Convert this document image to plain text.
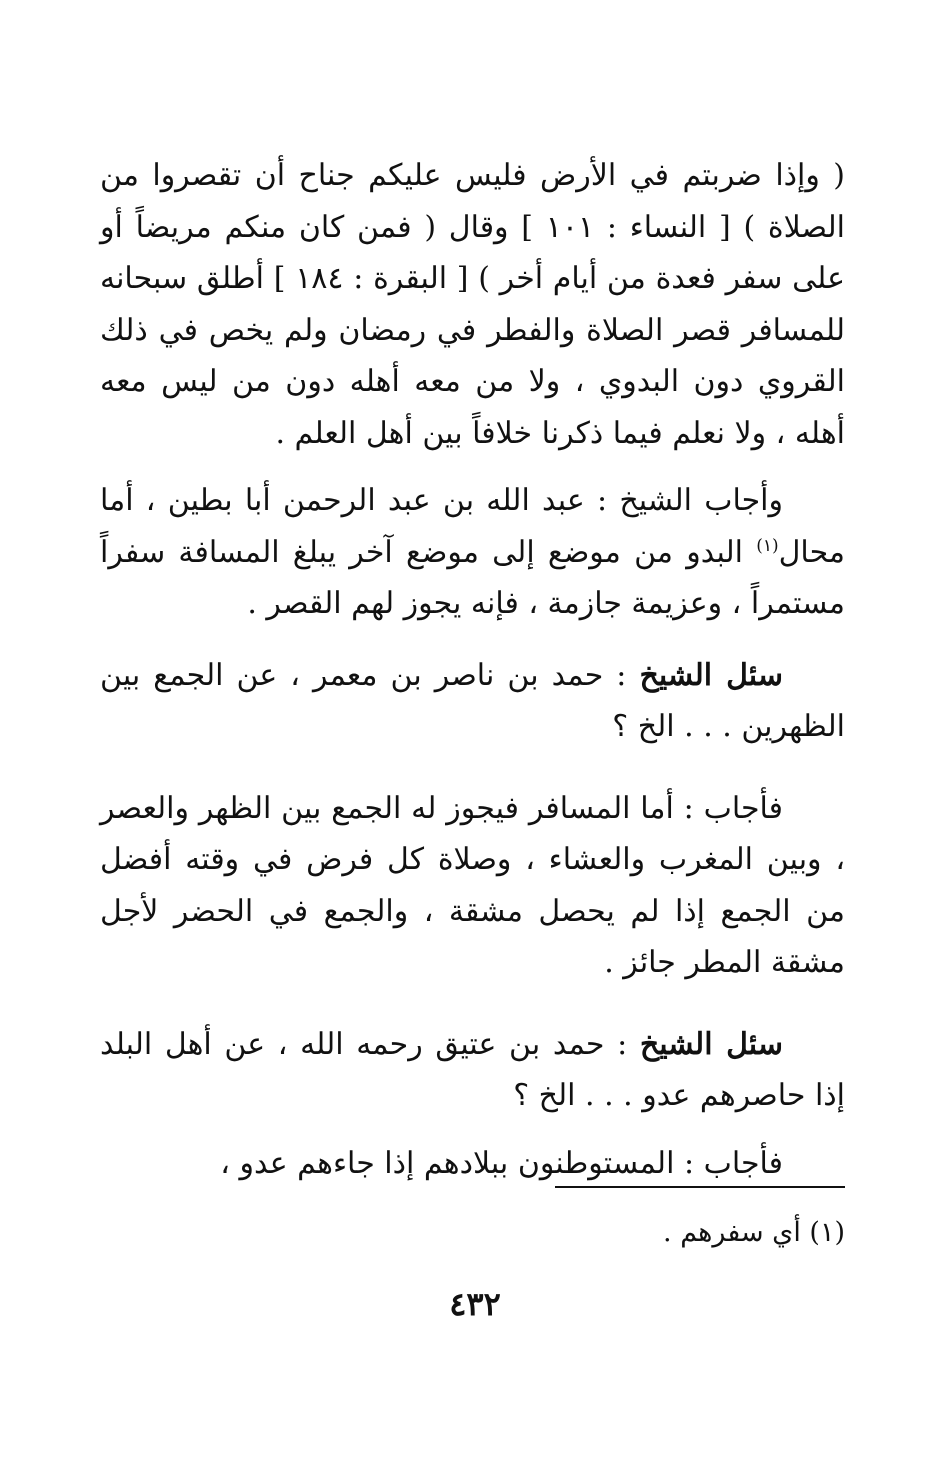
( وإذا ضربتم في الأرض فليس عليكم جناح أن تقصروا من الصلاة ) [ النساء : ١٠١ ] وقال ( فمن كان منكم مريضاً أو على سفر فعدة من أيام أخر ) [ البقرة : ١٨٤ ] أطلق سبحانه للمسافر قصر الصلاة والفطر في رمضان ولم يخص في ذلك القروي دون البدوي ، ولا من معه أهله دون من ليس معه أهله ، ولا نعلم فيما ذكرنا خلافاً بين أهل العلم .

وأجاب الشيخ : عبد الله بن عبد الرحمن أبا بطين ، أما محال$^{(١)}$ البدو من موضع إلى موضع آخر يبلغ المسافة سفراً مستمراً ، وعزيمة جازمة ، فإنه يجوز لهم القصر .

سئل الشيخ : حمد بن ناصر بن معمر ، عن الجمع بين الظهرين . . . الخ ؟

فأجاب : أما المسافر فيجوز له الجمع بين الظهر والعصر ، وبين المغرب والعشاء ، وصلاة كل فرض في وقته أفضل من الجمع إذا لم يحصل مشقة ، والجمع في الحضر لأجل مشقة المطر جائز .

سئل الشيخ : حمد بن عتيق رحمه الله ، عن أهل البلد إذا حاصرهم عدو . . . الخ ؟

فأجاب : المستوطنون ببلادهم إذا جاءهم عدو ،

(١) أي سفرهم .
٤٣٢
